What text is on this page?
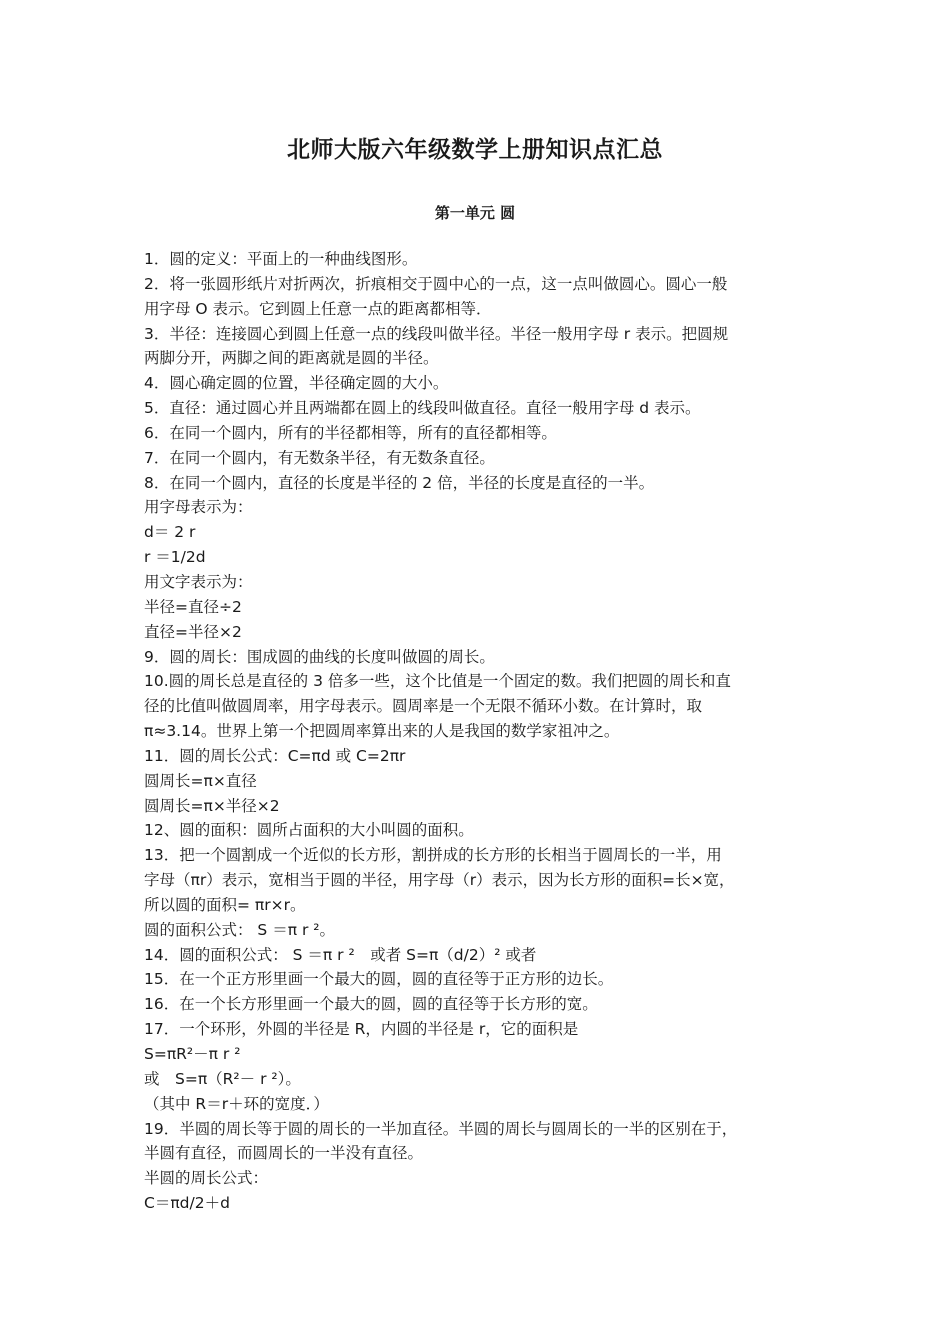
北师大版六年级数学上册知识点汇总
第一单元 圆
1．圆的定义：平面上的一种曲线图形。
2．将一张圆形纸片对折两次，折痕相交于圆中心的一点，这一点叫做圆心。圆心一般
用字母 O 表示。它到圆上任意一点的距离都相等．
3．半径：连接圆心到圆上任意一点的线段叫做半径。半径一般用字母 r 表示。把圆规
两脚分开，两脚之间的距离就是圆的半径。
4．圆心确定圆的位置，半径确定圆的大小。
5．直径：通过圆心并且两端都在圆上的线段叫做直径。直径一般用字母 d 表示。
6．在同一个圆内，所有的半径都相等，所有的直径都相等。
7．在同一个圆内，有无数条半径，有无数条直径。
8．在同一个圆内，直径的长度是半径的 2 倍，半径的长度是直径的一半。
用字母表示为：
d＝ 2 r
r ＝1/2d
用文字表示为：
半径=直径÷2
直径=半径×2
9．圆的周长：围成圆的曲线的长度叫做圆的周长。
10.圆的周长总是直径的 3 倍多一些，这个比值是一个固定的数。我们把圆的周长和直
径的比值叫做圆周率，用字母表示。圆周率是一个无限不循环小数。在计算时，取
π≈3.14。世界上第一个把圆周率算出来的人是我国的数学家祖冲之。
11．圆的周长公式：C=πd 或 C=2πr
圆周长=π×直径
圆周长=π×半径×2
12、圆的面积：圆所占面积的大小叫圆的面积。
13．把一个圆割成一个近似的长方形，割拼成的长方形的长相当于圆周长的一半，用
字母（πr）表示，宽相当于圆的半径，用字母（r）表示，因为长方形的面积=长×宽，
所以圆的面积= πr×r。
圆的面积公式： S ＝π r ²。
14．圆的面积公式： S ＝π r ²　或者 S=π（d/2）² 或者
15．在一个正方形里画一个最大的圆，圆的直径等于正方形的边长。
16．在一个长方形里画一个最大的圆，圆的直径等于长方形的宽。
17．一个环形，外圆的半径是 R，内圆的半径是 r，它的面积是
S=πR²－π r ²
或　S=π（R²－ r ²）。
（其中 R＝r＋环的宽度．）
19．半圆的周长等于圆的周长的一半加直径。半圆的周长与圆周长的一半的区别在于，
半圆有直径，而圆周长的一半没有直径。
半圆的周长公式：
C＝πd/2＋d
